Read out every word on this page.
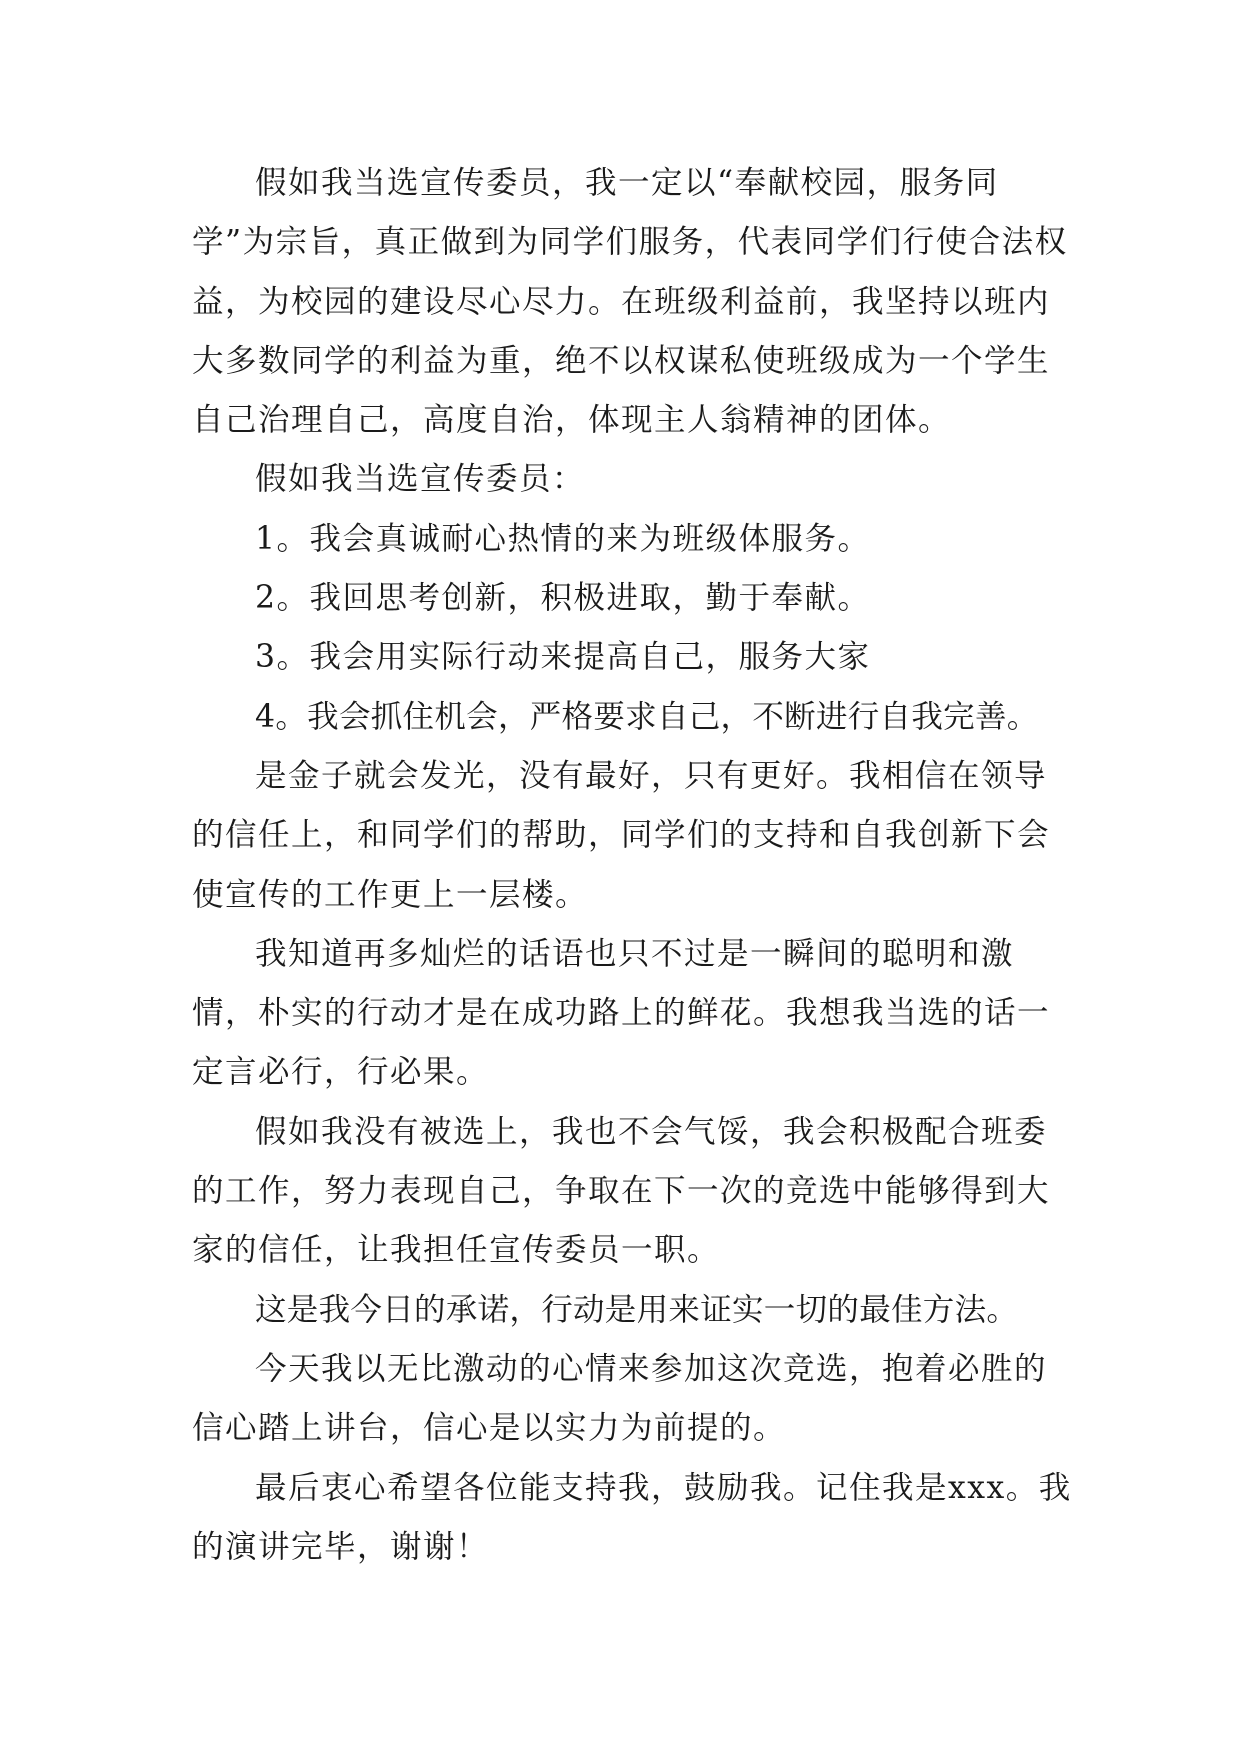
假如我当选宣传委员，我一定以“奉献校园，服务同学”为宗旨，真正做到为同学们服务，代表同学们行使合法权益，为校园的建设尽心尽力。在班级利益前，我坚持以班内大多数同学的利益为重，绝不以权谋私使班级成为一个学生自己治理自己，高度自治，体现主人翁精神的团体。

假如我当选宣传委员：

1。我会真诚耐心热情的来为班级体服务。

2。我回思考创新，积极进取，勤于奉献。

3。我会用实际行动来提高自己，服务大家

4。我会抓住机会，严格要求自己，不断进行自我完善。

是金子就会发光，没有最好，只有更好。我相信在领导的信任上，和同学们的帮助，同学们的支持和自我创新下会使宣传的工作更上一层楼。

我知道再多灿烂的话语也只不过是一瞬间的聪明和激情，朴实的行动才是在成功路上的鲜花。我想我当选的话一定言必行，行必果。

假如我没有被选上，我也不会气馁，我会积极配合班委的工作，努力表现自己，争取在下一次的竞选中能够得到大家的信任，让我担任宣传委员一职。

这是我今日的承诺，行动是用来证实一切的最佳方法。

今天我以无比激动的心情来参加这次竞选，抱着必胜的信心踏上讲台，信心是以实力为前提的。

最后衷心希望各位能支持我，鼓励我。记住我是xxx。我的演讲完毕，谢谢！
